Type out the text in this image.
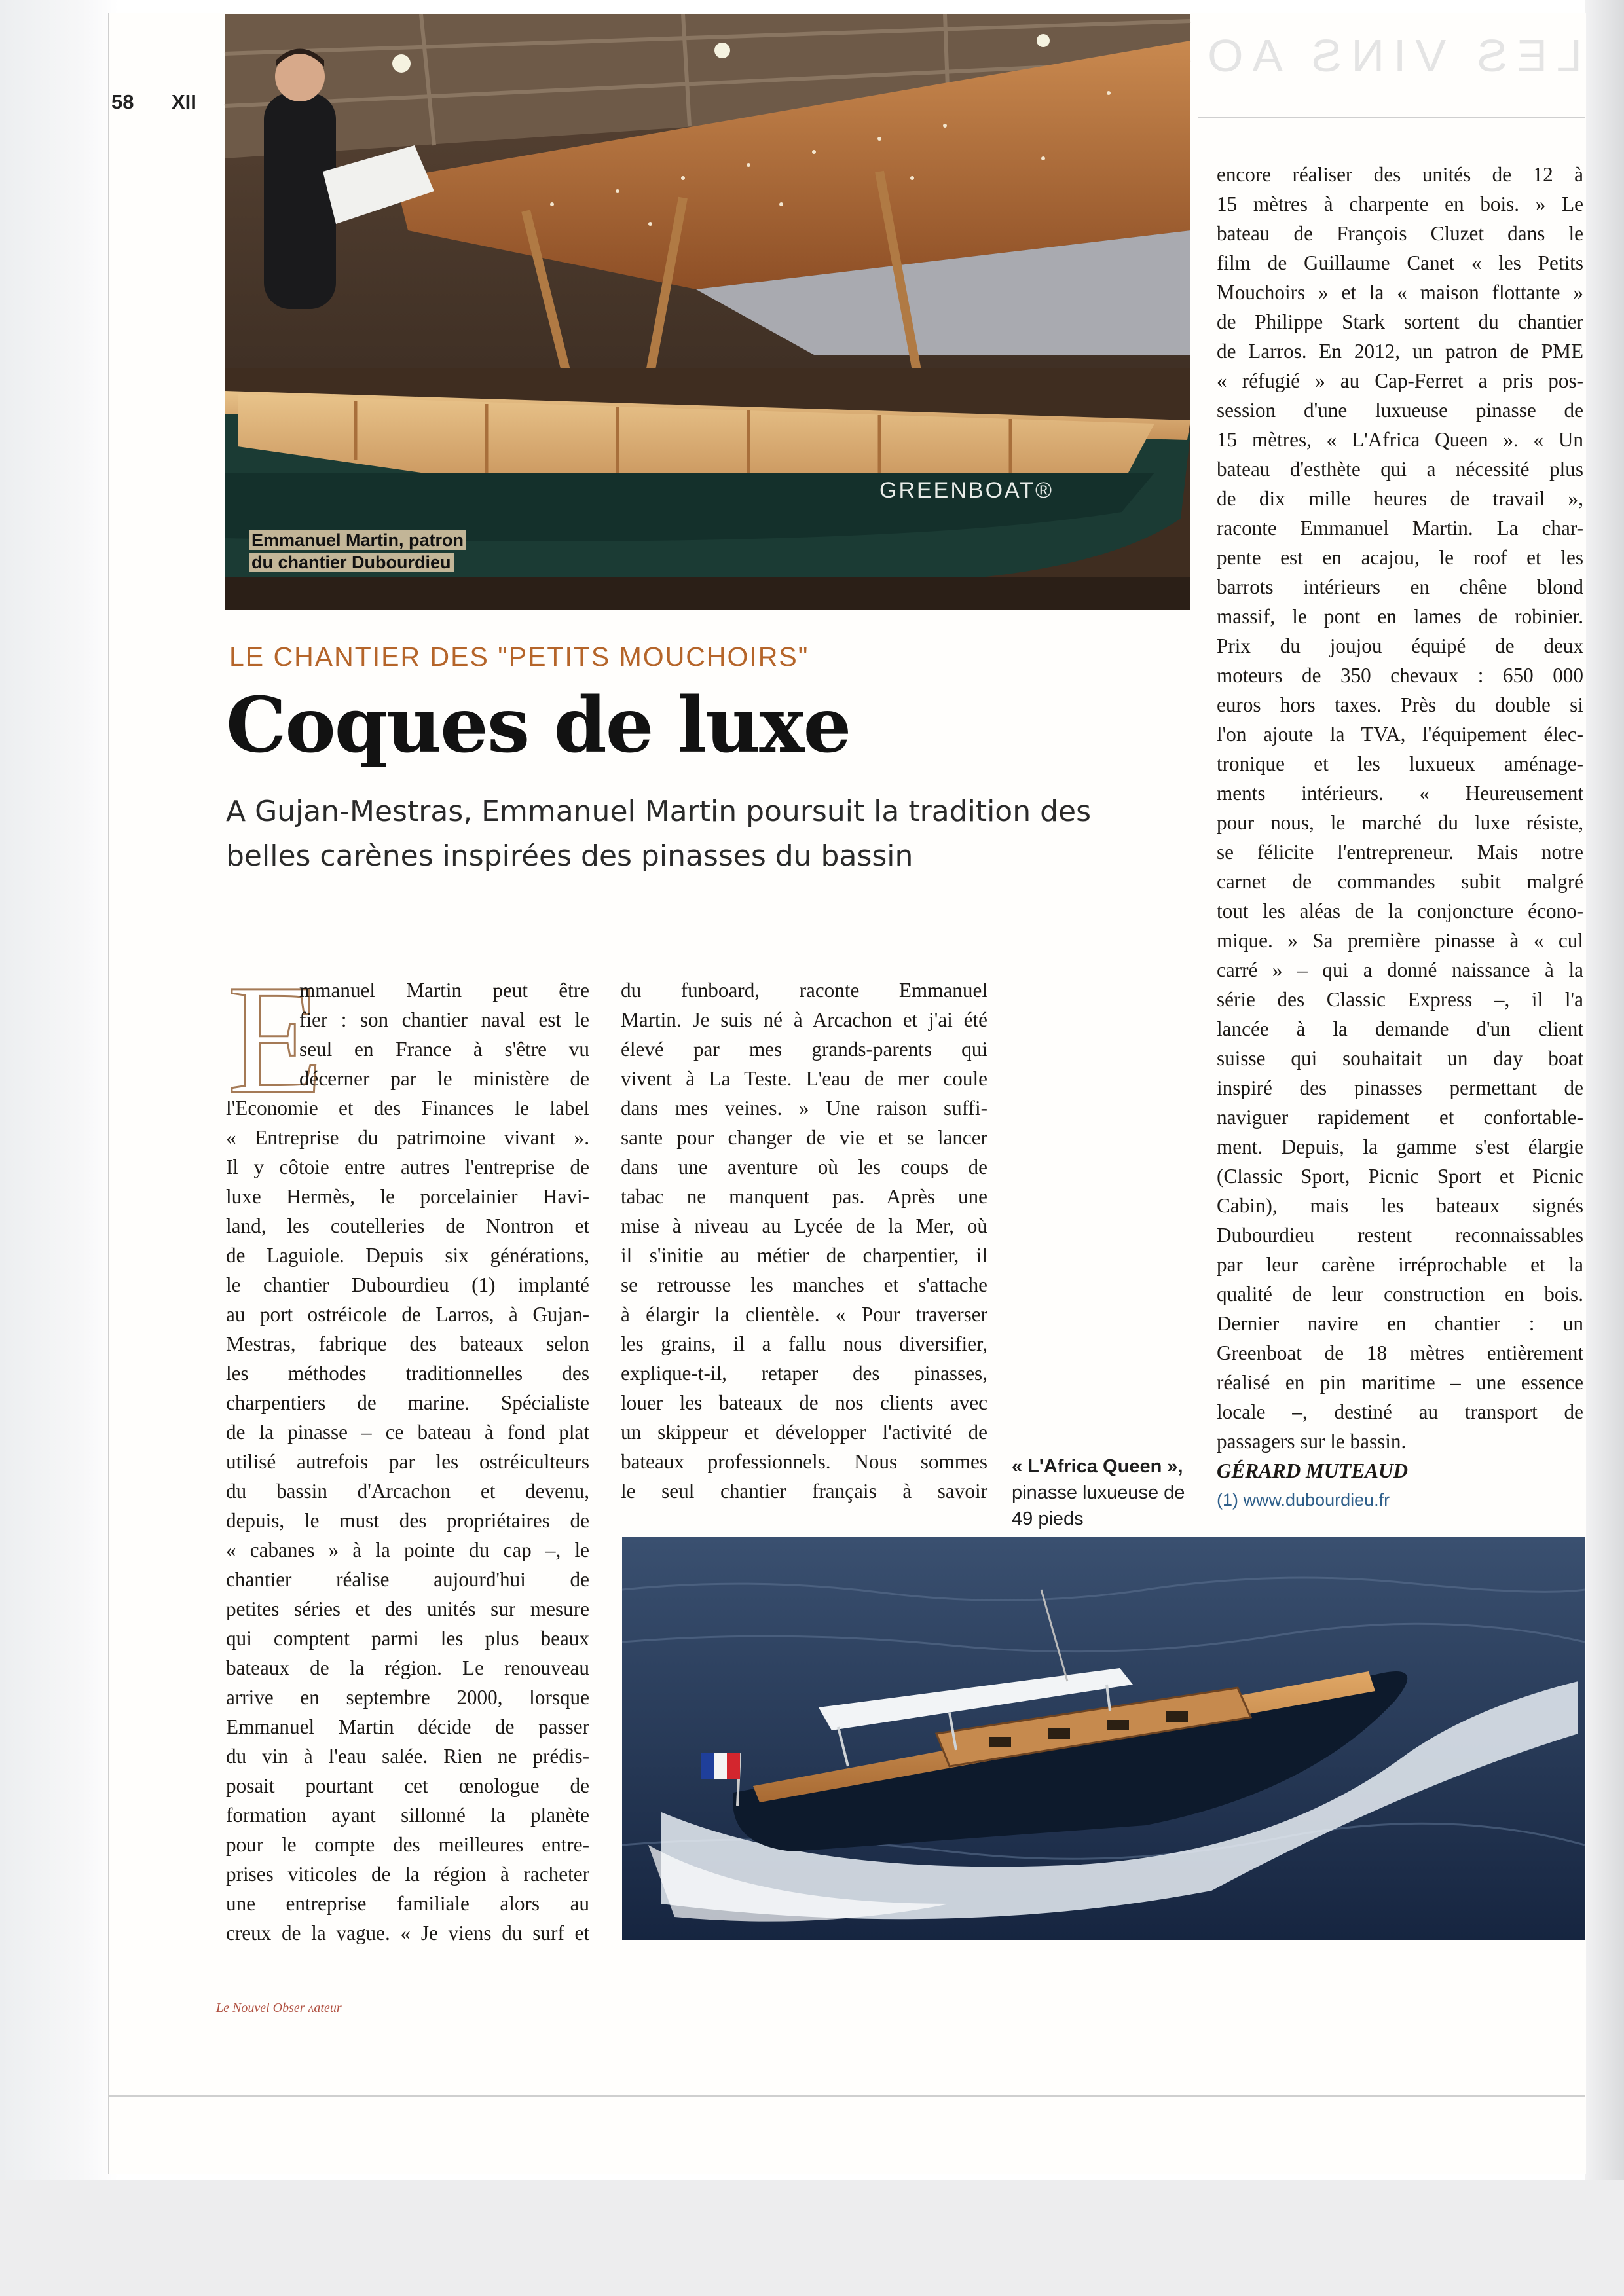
LES VINS AO
58 XII
GREENBOAT®
Emmanuel Martin, patron
du chantier Dubourdieu
LE CHANTIER DES "PETITS MOUCHOIRS"
Coques de luxe
A Gujan-Mestras, Emmanuel Martin poursuit la tradition des belles carènes inspirées des pinasses du bassin
E
mmanuel Martin peut être
fier : son chantier naval est le
seul en France à s'être vu
décerner par le ministère de
l'Economie et des Finances le label
« Entreprise du patrimoine vivant ».
Il y côtoie entre autres l'entreprise de
luxe Hermès, le porcelainier Havi-
land, les coutelleries de Nontron et
de Laguiole. Depuis six générations,
le chantier Dubourdieu (1) implanté
au port ostréicole de Larros, à Gujan-
Mestras, fabrique des bateaux selon
les méthodes traditionnelles des
charpentiers de marine. Spécialiste
de la pinasse – ce bateau à fond plat
utilisé autrefois par les ostréiculteurs
du bassin d'Arcachon et devenu,
depuis, le must des propriétaires de
« cabanes » à la pointe du cap –, le
chantier réalise aujourd'hui de
petites séries et des unités sur mesure
qui comptent parmi les plus beaux
bateaux de la région. Le renouveau
arrive en septembre 2000, lorsque
Emmanuel Martin décide de passer
du vin à l'eau salée. Rien ne prédis-
posait pourtant cet œnologue de
formation ayant sillonné la planète
pour le compte des meilleures entre-
prises viticoles de la région à racheter
une entreprise familiale alors au
creux de la vague. « Je viens du surf et
du funboard, raconte Emmanuel
Martin. Je suis né à Arcachon et j'ai été
élevé par mes grands-parents qui
vivent à La Teste. L'eau de mer coule
dans mes veines. » Une raison suffi-
sante pour changer de vie et se lancer
dans une aventure où les coups de
tabac ne manquent pas. Après une
mise à niveau au Lycée de la Mer, où
il s'initie au métier de charpentier, il
se retrousse les manches et s'attache
à élargir la clientèle. « Pour traverser
les grains, il a fallu nous diversifier,
explique-t-il, retaper des pinasses,
louer les bateaux de nos clients avec
un skippeur et développer l'activité de
bateaux professionnels. Nous sommes
le seul chantier français à savoir
encore réaliser des unités de 12 à
15 mètres à charpente en bois. » Le
bateau de François Cluzet dans le
film de Guillaume Canet « les Petits
Mouchoirs » et la « maison flottante »
de Philippe Stark sortent du chantier
de Larros. En 2012, un patron de PME
« réfugié » au Cap-Ferret a pris pos-
session d'une luxueuse pinasse de
15 mètres, « L'Africa Queen ». « Un
bateau d'esthète qui a nécessité plus
de dix mille heures de travail »,
raconte Emmanuel Martin. La char-
pente est en acajou, le roof et les
barrots intérieurs en chêne blond
massif, le pont en lames de robinier.
Prix du joujou équipé de deux
moteurs de 350 chevaux : 650 000
euros hors taxes. Près du double si
l'on ajoute la TVA, l'équipement élec-
tronique et les luxueux aménage-
ments intérieurs. « Heureusement
pour nous, le marché du luxe résiste,
se félicite l'entrepreneur. Mais notre
carnet de commandes subit malgré
tout les aléas de la conjoncture écono-
mique. » Sa première pinasse à « cul
carré » – qui a donné naissance à la
série des Classic Express –, il l'a
lancée à la demande d'un client
suisse qui souhaitait un day boat
inspiré des pinasses permettant de
naviguer rapidement et confortable-
ment. Depuis, la gamme s'est élargie
(Classic Sport, Picnic Sport et Picnic
Cabin), mais les bateaux signés
Dubourdieu restent reconnaissables
par leur carène irréprochable et la
qualité de leur construction en bois.
Dernier navire en chantier : un
Greenboat de 18 mètres entièrement
réalisé en pin maritime – une essence
locale –, destiné au transport de
passagers sur le bassin.
GÉRARD MUTEAUD
(1) www.dubourdieu.fr
« L'Africa Queen »,
pinasse luxueuse de
49 pieds
Le Nouvel Obser ʌateur
